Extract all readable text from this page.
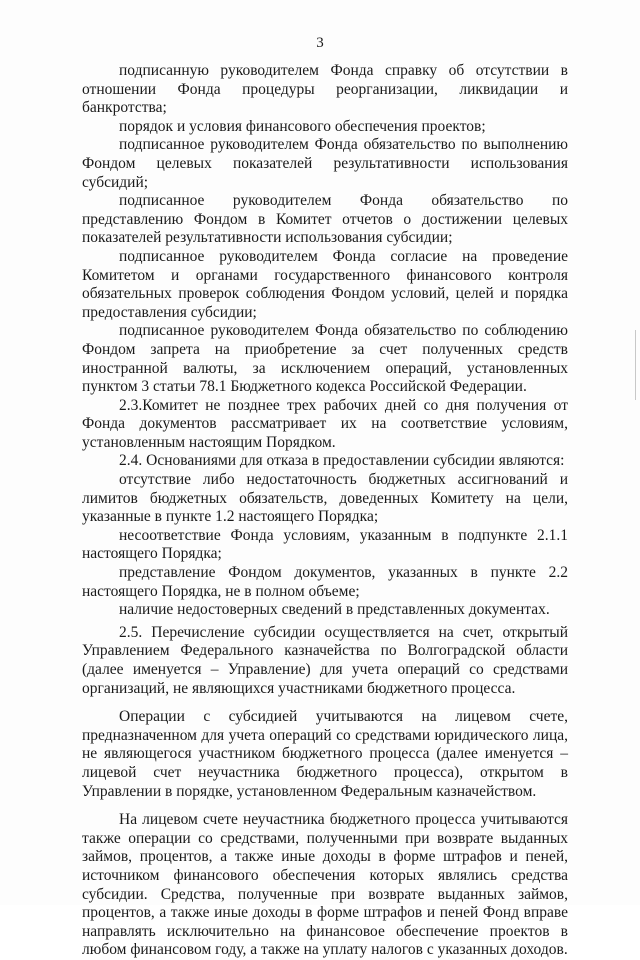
3

подписанную руководителем Фонда справку об отсутствии в отношении Фонда процедуры реорганизации, ликвидации и банкротства;

порядок и условия финансового обеспечения проектов;

подписанное руководителем Фонда обязательство по выполнению Фондом целевых показателей результативности использования субсидий;

подписанное руководителем Фонда обязательство по представлению Фондом в Комитет отчетов о достижении целевых показателей результативности использования субсидии;

подписанное руководителем Фонда согласие на проведение Комитетом и органами государственного финансового контроля обязательных проверок соблюдения Фондом условий, целей и порядка предоставления субсидии;

подписанное руководителем Фонда обязательство по соблюдению Фондом запрета на приобретение за счет полученных средств иностранной валюты, за исключением операций, установленных пунктом 3 статьи 78.1 Бюджетного кодекса Российской Федерации.

2.3.Комитет не позднее трех рабочих дней со дня получения от Фонда документов рассматривает их на соответствие условиям, установленным настоящим Порядком.

2.4. Основаниями для отказа в предоставлении субсидии являются:

отсутствие либо недостаточность бюджетных ассигнований и лимитов бюджетных обязательств, доведенных Комитету на цели, указанные в пункте 1.2 настоящего Порядка;

несоответствие Фонда условиям, указанным в подпункте 2.1.1 настоящего Порядка;

представление Фондом документов, указанных в пункте 2.2 настоящего Порядка, не в полном объеме;

наличие недостоверных сведений в представленных документах.

2.5. Перечисление субсидии осуществляется на счет, открытый Управлением Федерального казначейства по Волгоградской области (далее именуется – Управление) для учета операций со средствами организаций, не являющихся участниками бюджетного процесса.

Операции с субсидией учитываются на лицевом счете, предназначенном для учета операций со средствами юридического лица, не являющегося участником бюджетного процесса (далее именуется – лицевой счет неучастника бюджетного процесса), открытом в Управлении в порядке, установленном Федеральным казначейством.

На лицевом счете неучастника бюджетного процесса учитываются также операции со средствами, полученными при возврате выданных займов, процентов, а также иные доходы в форме штрафов и пеней, источником финансового обеспечения которых являлись средства субсидии. Средства, полученные при возврате выданных займов, процентов, а также иные доходы в форме штрафов и пеней Фонд вправе направлять исключительно на финансовое обеспечение проектов в любом финансовом году, а также на уплату налогов с указанных доходов.
